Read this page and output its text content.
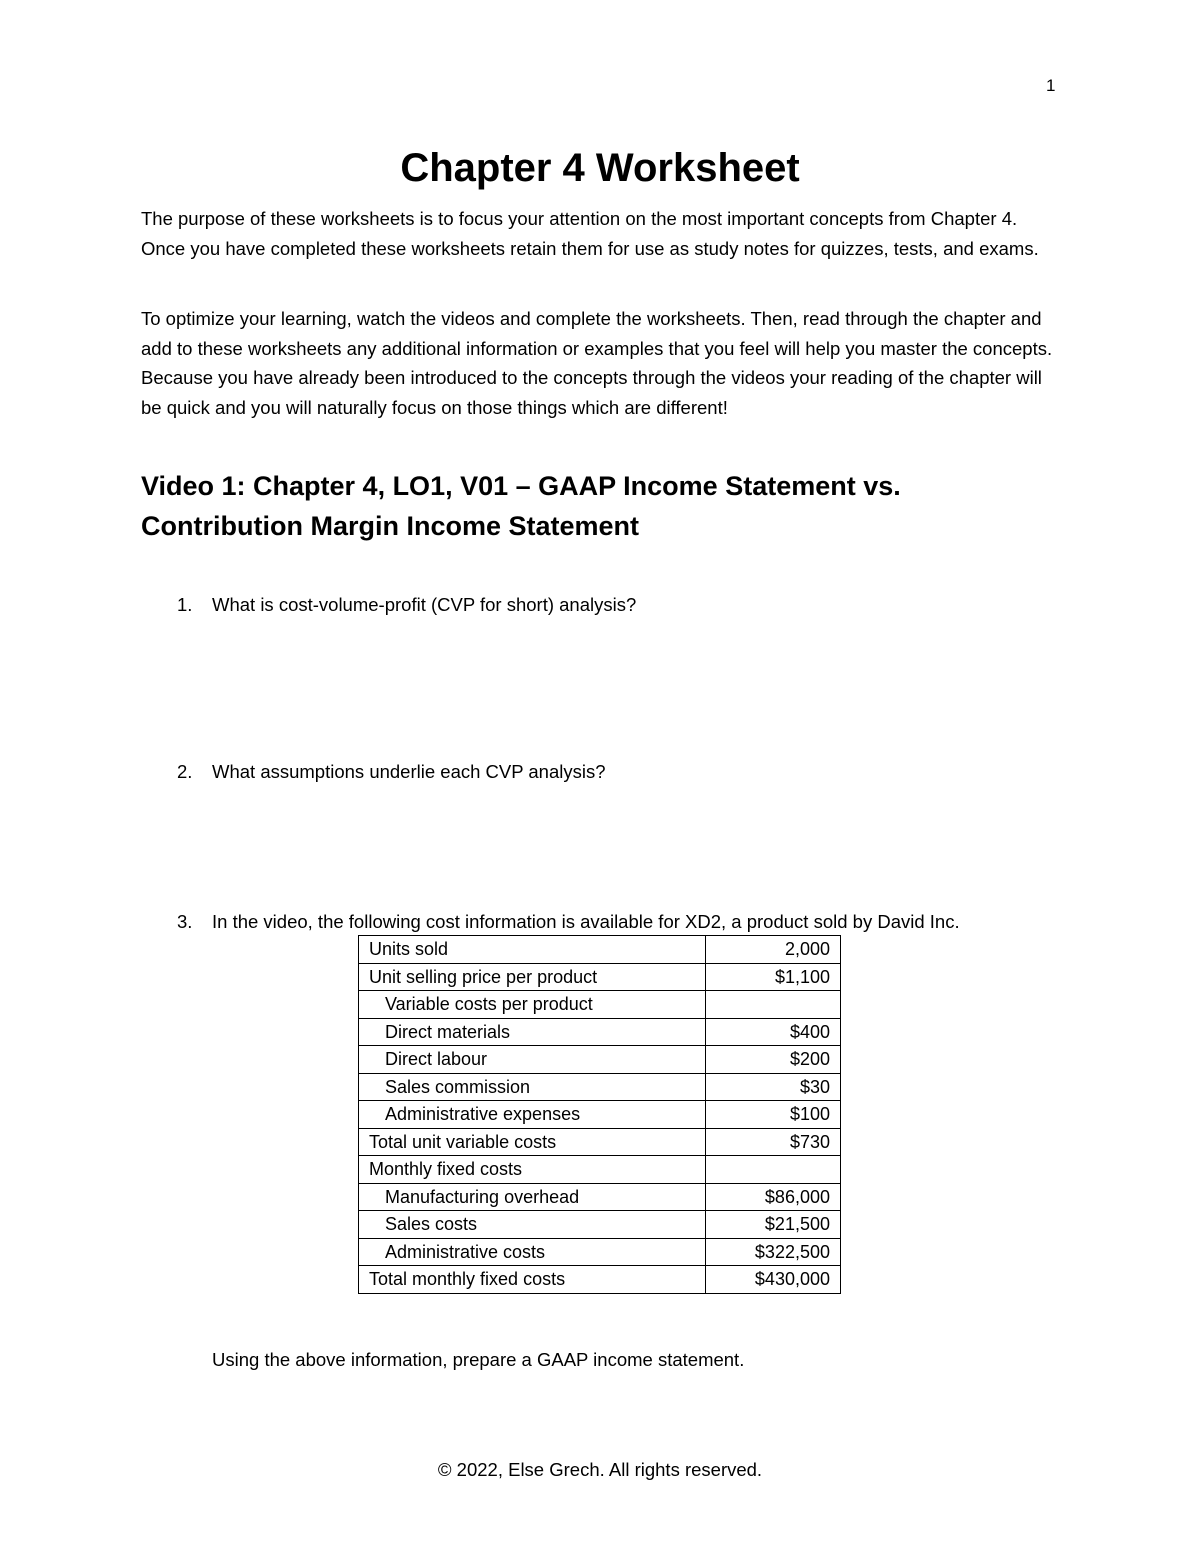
1
Chapter 4 Worksheet

The purpose of these worksheets is to focus your attention on the most important concepts from Chapter 4. Once you have completed these worksheets retain them for use as study notes for quizzes, tests, and exams.

To optimize your learning, watch the videos and complete the worksheets. Then, read through the chapter and add to these worksheets any additional information or examples that you feel will help you master the concepts. Because you have already been introduced to the concepts through the videos your reading of the chapter will be quick and you will naturally focus on those things which are different!

Video 1: Chapter 4, LO1, V01 – GAAP Income Statement vs. Contribution Margin Income Statement
1. What is cost-volume-profit (CVP for short) analysis?
2. What assumptions underlie each CVP analysis?
3. In the video, the following cost information is available for XD2, a product sold by David Inc.
Units sold	2,000
Unit selling price per product	$1,100
Variable costs per product	
Direct materials	$400
Direct labour	$200
Sales commission	$30
Administrative expenses	$100
Total unit variable costs	$730
Monthly fixed costs	
Manufacturing overhead	$86,000
Sales costs	$21,500
Administrative costs	$322,500
Total monthly fixed costs	$430,000
Using the above information, prepare a GAAP income statement.
© 2022, Else Grech. All rights reserved.
